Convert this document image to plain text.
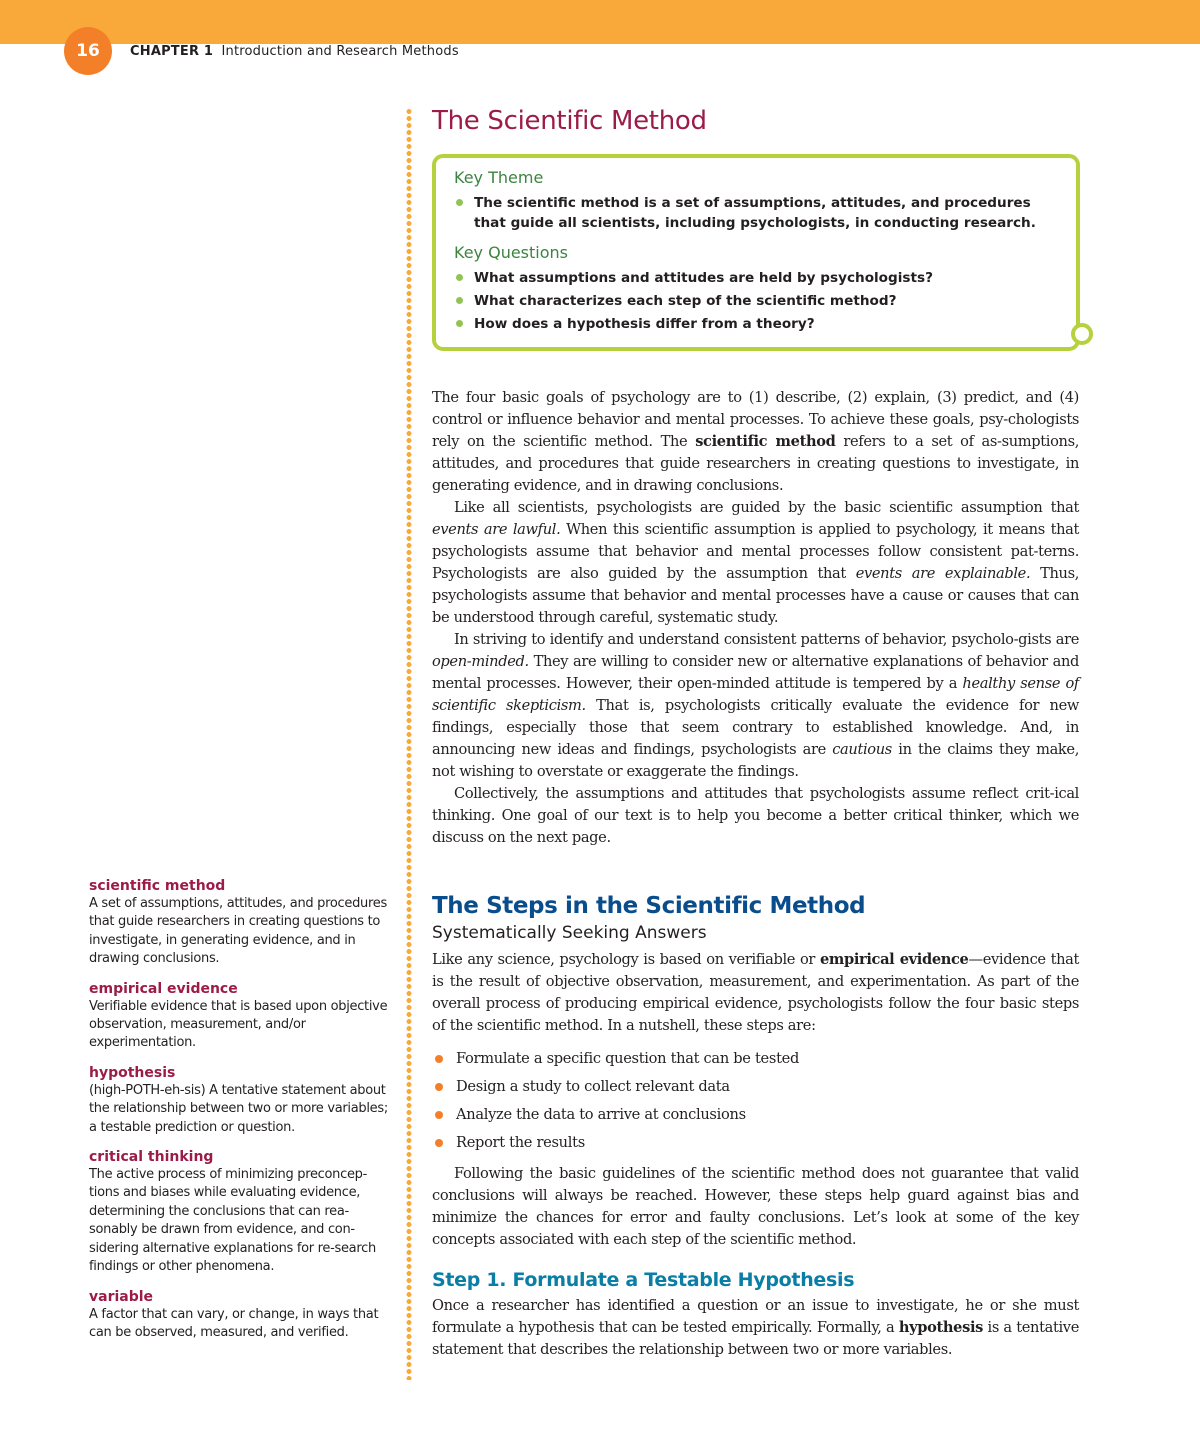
16	CHAPTER 1 Introduction and Research Methods
The Scientific Method
Key Theme
The scientific method is a set of assumptions, attitudes, and procedures that guide all scientists, including psychologists, in conducting research.
Key Questions
What assumptions and attitudes are held by psychologists?
What characterizes each step of the scientific method?
How does a hypothesis differ from a theory?

The four basic goals of psychology are to (1) describe, (2) explain, (3) predict, and (4) control or influence behavior and mental processes. To achieve these goals, psy-chologists rely on the scientific method. The scientific method refers to a set of as-sumptions, attitudes, and procedures that guide researchers in creating questions to investigate, in generating evidence, and in drawing conclusions.

Like all scientists, psychologists are guided by the basic scientific assumption that events are lawful. When this scientific assumption is applied to psychology, it means that psychologists assume that behavior and mental processes follow consistent pat-terns. Psychologists are also guided by the assumption that events are explainable. Thus, psychologists assume that behavior and mental processes have a cause or causes that can be understood through careful, systematic study.

In striving to identify and understand consistent patterns of behavior, psycholo-gists are open-minded. They are willing to consider new or alternative explanations of behavior and mental processes. However, their open-minded attitude is tempered by a healthy sense of scientific skepticism. That is, psychologists critically evaluate the evidence for new findings, especially those that seem contrary to established knowledge. And, in announcing new ideas and findings, psychologists are cautious in the claims they make, not wishing to overstate or exaggerate the findings.

Collectively, the assumptions and attitudes that psychologists assume reflect crit-ical thinking. One goal of our text is to help you become a better critical thinker, which we discuss on the next page.

The Steps in the Scientific Method
Systematically Seeking Answers

Like any science, psychology is based on verifiable or empirical evidence—evidence that is the result of objective observation, measurement, and experimentation. As part of the overall process of producing empirical evidence, psychologists follow the four basic steps of the scientific method. In a nutshell, these steps are:

Formulate a specific question that can be tested
Design a study to collect relevant data
Analyze the data to arrive at conclusions
Report the results

Following the basic guidelines of the scientific method does not guarantee that valid conclusions will always be reached. However, these steps help guard against bias and minimize the chances for error and faulty conclusions. Let’s look at some of the key concepts associated with each step of the scientific method.

Step 1. Formulate a Testable Hypothesis

Once a researcher has identified a question or an issue to investigate, he or she must formulate a hypothesis that can be tested empirically. Formally, a hypothesis is a tentative statement that describes the relationship between two or more variables.

scientific method

A set of assumptions, attitudes, and procedures that guide researchers in creating questions to investigate, in generating evidence, and in drawing conclusions.

empirical evidence

Verifiable evidence that is based upon objective observation, measurement, and/or experimentation.

hypothesis

(high-POTH-eh-sis) A tentative statement about the relationship between two or more variables; a testable prediction or question.

critical thinking

The active process of minimizing preconcep-tions and biases while evaluating evidence, determining the conclusions that can rea-sonably be drawn from evidence, and con-sidering alternative explanations for re-search findings or other phenomena.

variable

A factor that can vary, or change, in ways that can be observed, measured, and verified.
